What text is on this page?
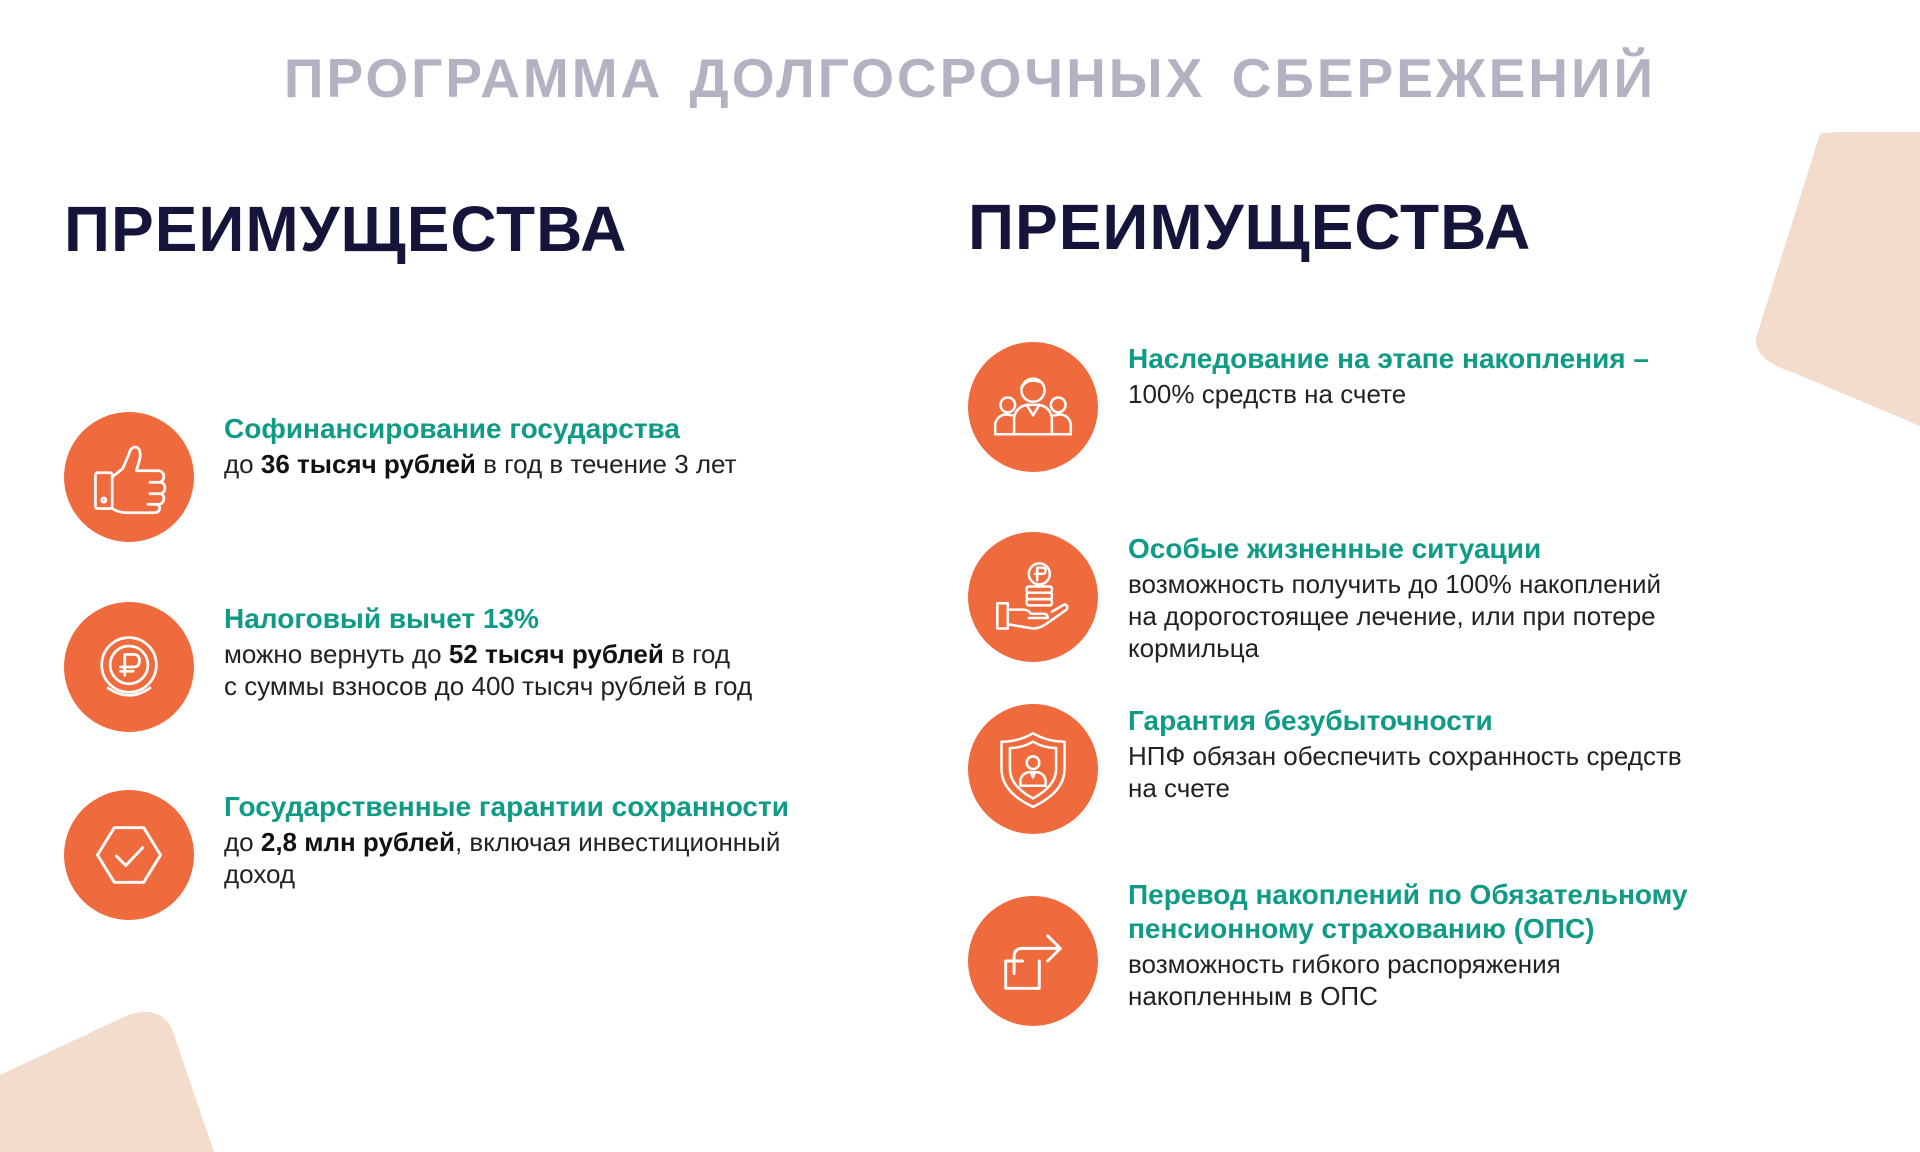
ПРОГРАММА ДОЛГОСРОЧНЫХ СБЕРЕЖЕНИЙ
ПРЕИМУЩЕСТВА	ПРЕИМУЩЕСТВА
Софинансирование государства
до 36 тысяч рублей в год в течение 3 лет
Налоговый вычет 13%
можно вернуть до 52 тысяч рублей в год
с суммы взносов до 400 тысяч рублей в год
Государственные гарантии сохранности
до 2,8 млн рублей, включая инвестиционный
доход
Наследование на этапе накопления –
100% средств на счете
Особые жизненные ситуации
возможность получить до 100% накоплений
на дорогостоящее лечение, или при потере
кормильца
Гарантия безубыточности
НПФ обязан обеспечить сохранность средств
на счете
Перевод накоплений по Обязательному
пенсионному страхованию (ОПС)
возможность гибкого распоряжения
накопленным в ОПС
